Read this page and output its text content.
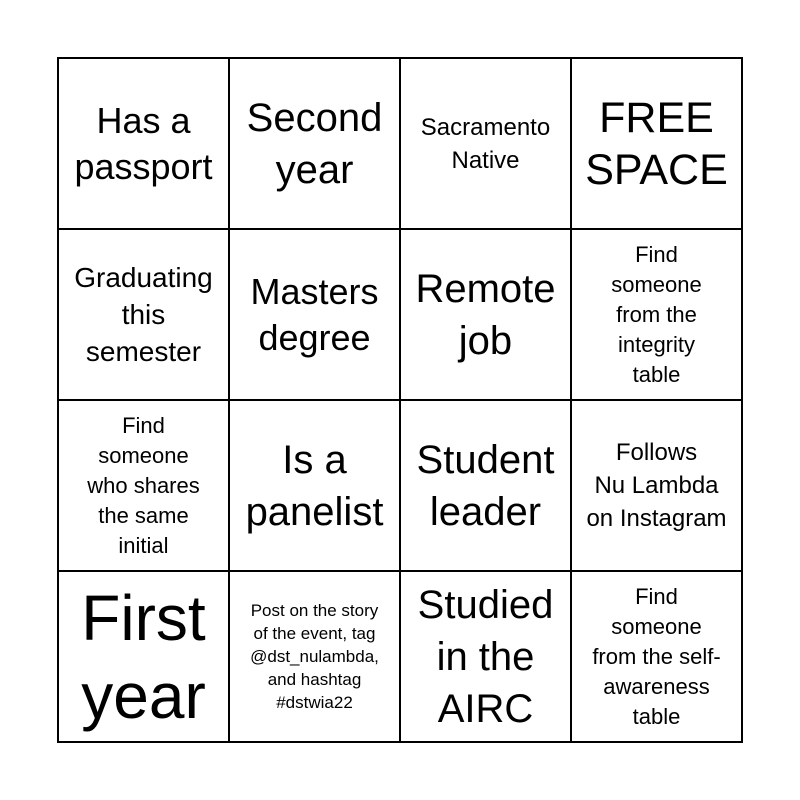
Has a
passport
Second
year
Sacramento
Native
FREE
SPACE
Graduating
this
semester
Masters
degree
Remote
job
Find
someone
from the
integrity
table
Find
someone
who shares
the same
initial
Is a
panelist
Student
leader
Follows
Nu Lambda
on Instagram
First
year
Post on the story
of the event, tag
@dst_nulambda,
and hashtag
#dstwia22
Studied
in the
AIRC
Find
someone
from the self-
awareness
table
